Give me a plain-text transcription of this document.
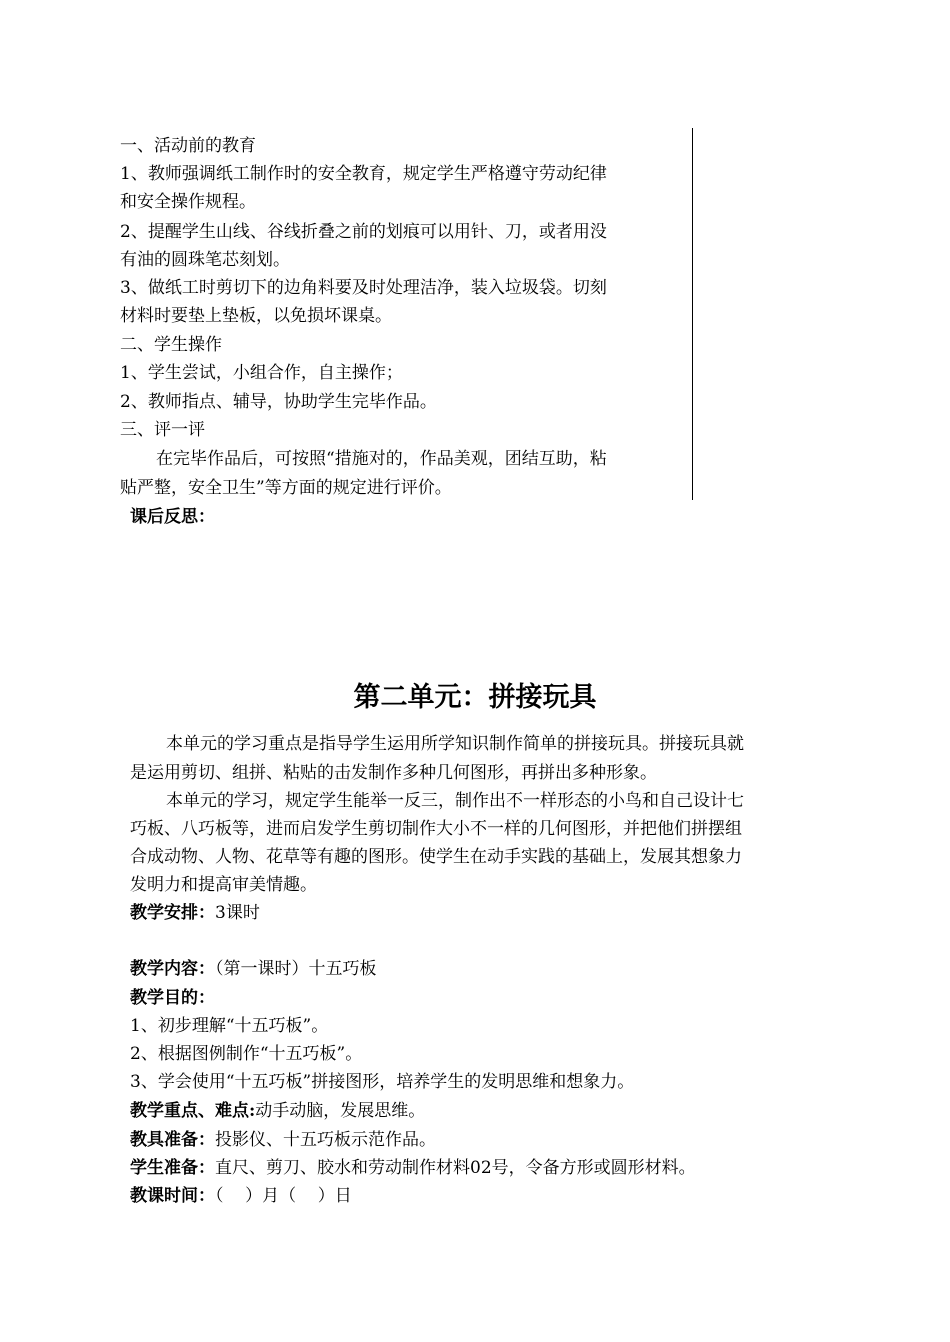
一、活动前的教育
1、教师强调纸工制作时的安全教育，规定学生严格遵守劳动纪律
和安全操作规程。
2、提醒学生山线、谷线折叠之前的划痕可以用针、刀，或者用没
有油的圆珠笔芯刻划。
3、做纸工时剪切下的边角料要及时处理洁净，装入垃圾袋。切刻
材料时要垫上垫板，以免损坏课桌。
二、学生操作
1、学生尝试，小组合作，自主操作；
2、教师指点、辅导，协助学生完毕作品。
三、评一评
在完毕作品后，可按照“措施对的，作品美观，团结互助，粘
贴严整，安全卫生”等方面的规定进行评价。
课后反思：
第二单元：拼接玩具
本单元的学习重点是指导学生运用所学知识制作简单的拼接玩具。拼接玩具就
是运用剪切、组拼、粘贴的击发制作多种几何图形，再拼出多种形象。
本单元的学习，规定学生能举一反三，制作出不一样形态的小鸟和自己设计七
巧板、八巧板等，进而启发学生剪切制作大小不一样的几何图形，并把他们拼摆组
合成动物、人物、花草等有趣的图形。使学生在动手实践的基础上，发展其想象力
发明力和提高审美情趣。
教学安排：3课时
教学内容：（第一课时）十五巧板
教学目的：
1、初步理解“十五巧板”。
2、根据图例制作“十五巧板”。
3、学会使用“十五巧板”拼接图形，培养学生的发明思维和想象力。
教学重点、难点:动手动脑，发展思维。
教具准备：投影仪、十五巧板示范作品。
学生准备：直尺、剪刀、胶水和劳动制作材料02号，令备方形或圆形材料。
教课时间：（    ）月（    ）日
